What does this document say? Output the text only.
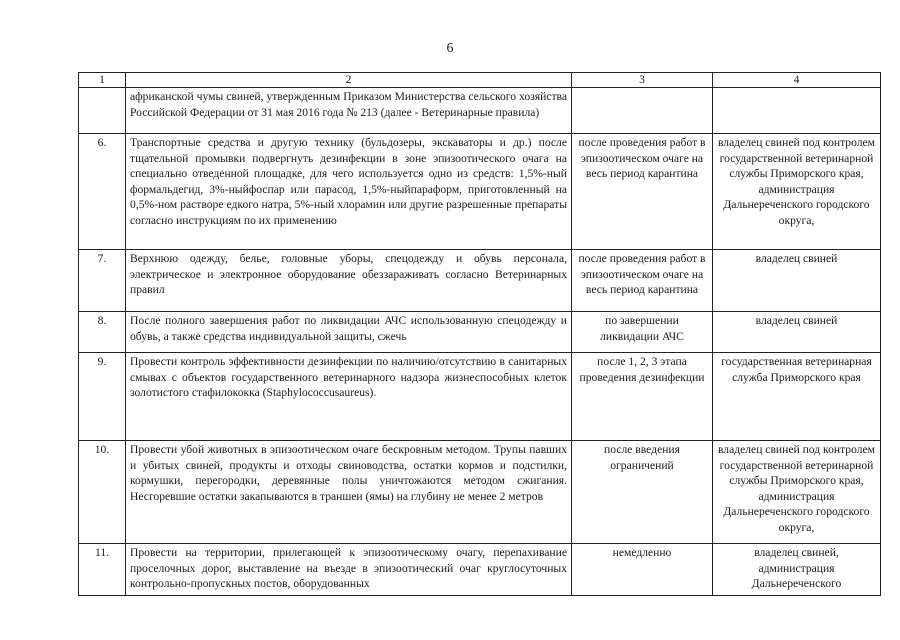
6
1	2	3	4
	африканской чумы свиней, утвержденным Приказом Министерства сельского хозяйства Российской Федерации от 31 мая 2016 года № 213 (далее - Ветеринарные правила)		
6.	Транспортные средства и другую технику (бульдозеры, экскаваторы и др.) после тщательной промывки подвергнуть дезинфекции в зоне эпизоотического очага на специально отведенной площадке, для чего используется одно из средств: 1,5%-ный формальдегид, 3%-ныйфоспар или парасод, 1,5%-ныйпараформ, приготовленный на 0,5%-ном растворе едкого натра, 5%-ный хлорамин или другие разрешенные препараты согласно инструкциям по их применению	после проведения работ в эпизоотическом очаге на весь период карантина	владелец свиней под контролем государственной ветеринарной службы Приморского края, администрация Дальнереченского городского округа,
7.	Верхнюю одежду, белье, головные уборы, спецодежду и обувь персонала, электрическое и электронное оборудование обеззараживать согласно Ветеринарных правил	после проведения работ в эпизоотическом очаге на весь период карантина	владелец свиней
8.	После полного завершения работ по ликвидации АЧС использованную спецодежду и обувь, а также средства индивидуальной защиты, сжечь	по завершении ликвидации АЧС	владелец свиней
9.	Провести контроль эффективности дезинфекции по наличию/отсутствию в санитарных смывах с объектов государственного ветеринарного надзора жизнеспособных клеток золотистого стафилококка (Staphylococcusaureus).	после 1, 2, 3 этапа проведения дезинфекции	государственная ветеринарная служба Приморского края
10.	Провести убой животных в эпизоотическом очаге бескровным методом. Трупы павших и убитых свиней, продукты и отходы свиноводства, остатки кормов и подстилки, кормушки, перегородки, деревянные полы уничтожаются методом сжигания. Несгоревшие остатки закапываются в траншеи (ямы) на глубину не менее 2 метров	после введения ограничений	владелец свиней под контролем государственной ветеринарной службы Приморского края, администрация Дальнереченского городского округа,
11.	Провести на территории, прилегающей к эпизоотическому очагу, перепахивание проселочных дорог, выставление на въезде в эпизоотический очаг круглосуточных контрольно-пропускных постов, оборудованных	немедленно	владелец свиней, администрация Дальнереченского
